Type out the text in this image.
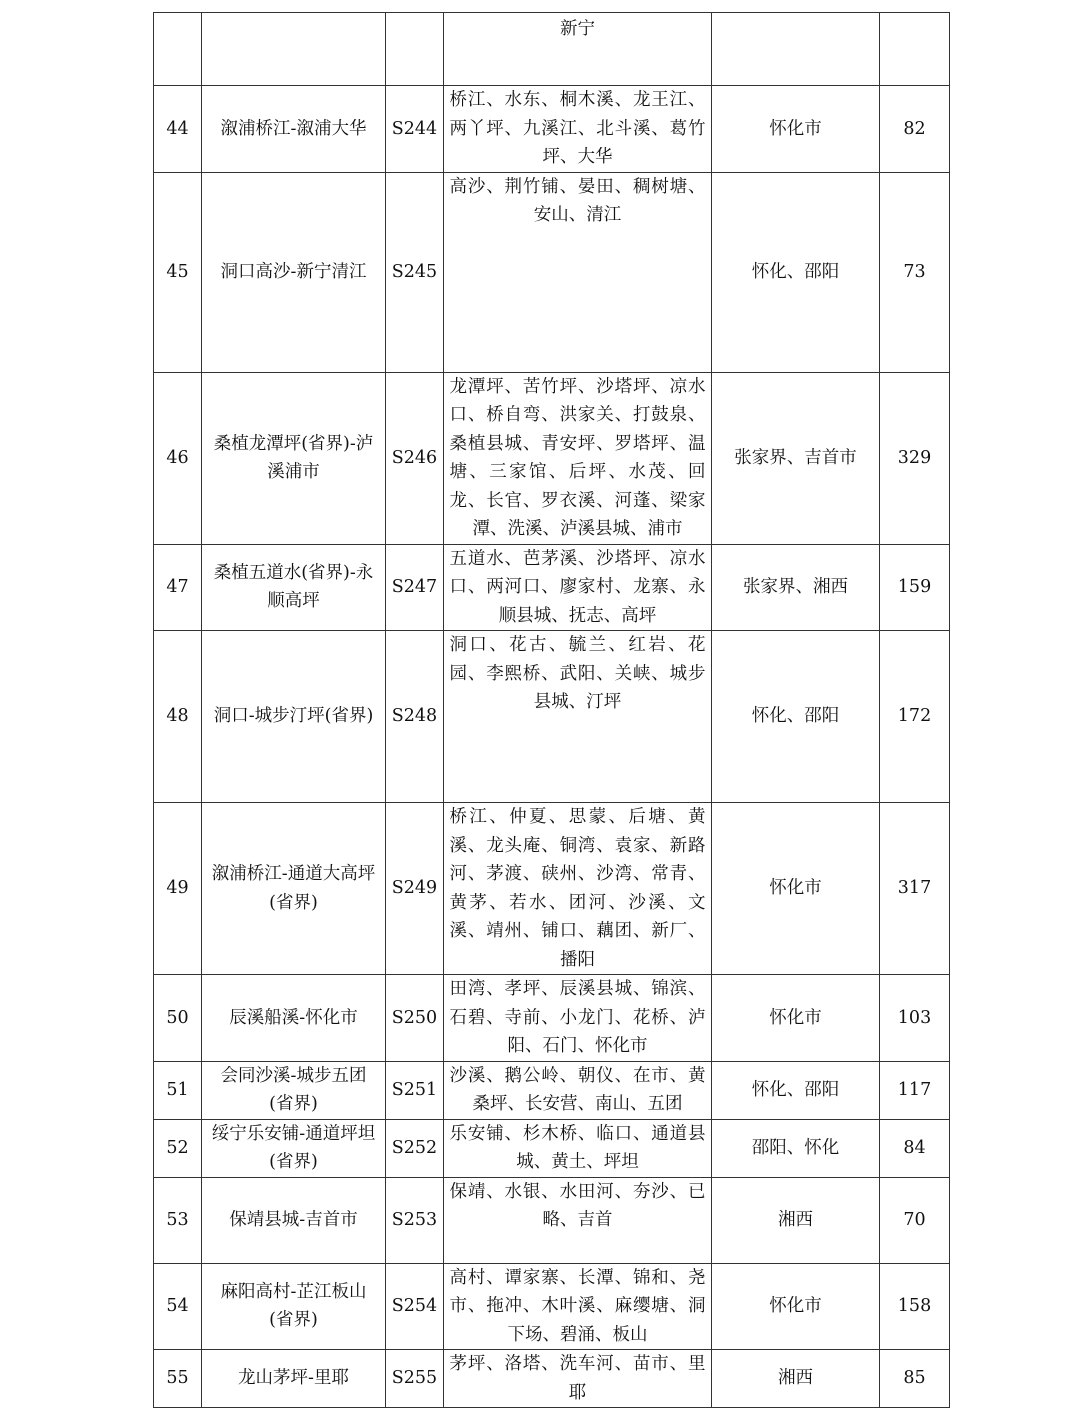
			新宁		

44	溆浦桥江-溆浦大华	S244	桥江、水东、桐木溪、龙王江、两丫坪、九溪江、北斗溪、葛竹坪、大华	怀化市	82

45	洞口高沙-新宁清江	S245	高沙、荆竹铺、晏田、稠树塘、安山、清江	怀化、邵阳	73

46	桑植龙潭坪(省界)-泸溪浦市	S246	龙潭坪、苦竹坪、沙塔坪、凉水口、桥自弯、洪家关、打鼓泉、桑植县城、青安坪、罗塔坪、温塘、三家馆、后坪、水茂、回龙、长官、罗衣溪、河蓬、梁家潭、洗溪、泸溪县城、浦市	张家界、吉首市	329

47	桑植五道水(省界)-永顺高坪	S247	五道水、芭茅溪、沙塔坪、凉水口、两河口、廖家村、龙寨、永顺县城、抚志、高坪	张家界、湘西	159

48	洞口-城步汀坪(省界)	S248	洞口、花古、毓兰、红岩、花园、李熙桥、武阳、关峡、城步县城、汀坪	怀化、邵阳	172

49	溆浦桥江-通道大高坪(省界)	S249	桥江、仲夏、思蒙、后塘、黄溪、龙头庵、铜湾、袁家、新路河、茅渡、硖州、沙湾、常青、黄茅、若水、团河、沙溪、文溪、靖州、铺口、藕团、新厂、播阳	怀化市	317

50	辰溪船溪-怀化市	S250	田湾、孝坪、辰溪县城、锦滨、石碧、寺前、小龙门、花桥、泸阳、石门、怀化市	怀化市	103

51	会同沙溪-城步五团(省界)	S251	沙溪、鹅公岭、朝仪、在市、黄桑坪、长安营、南山、五团	怀化、邵阳	117

52	绥宁乐安铺-通道坪坦(省界)	S252	乐安铺、杉木桥、临口、通道县城、黄土、坪坦	邵阳、怀化	84

53	保靖县城-吉首市	S253	保靖、水银、水田河、夯沙、已略、吉首	湘西	70

54	麻阳高村-芷江板山(省界)	S254	高村、谭家寨、长潭、锦和、尧市、拖冲、木叶溪、麻缨塘、洞下场、碧涌、板山	怀化市	158

55	龙山茅坪-里耶	S255	茅坪、洛塔、洗车河、苗市、里耶	湘西	85
